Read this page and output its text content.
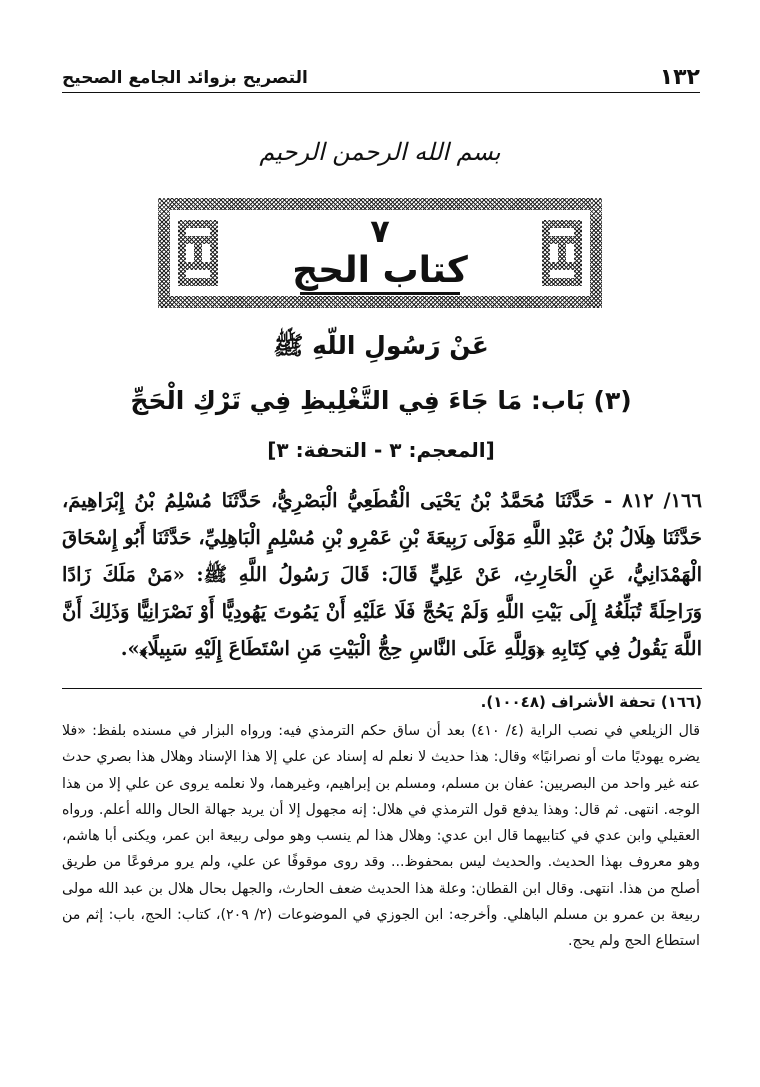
١٣٢
التصريح بزوائد الجامع الصحيح
بسم الله الرحمن الرحيم
٧
كتاب الحج
عَنْ رَسُولِ اللّهِ ﷺ
(٣) بَاب: مَا جَاءَ فِي التَّغْلِيظِ فِي تَرْكِ الْحَجِّ
[المعجم: ٣ - التحفة: ٣]
١٦٦/ ٨١٢ - حَدَّثَنَا مُحَمَّدُ بْنُ يَحْيَى الْقُطَعِيُّ الْبَصْرِيُّ، حَدَّثَنَا مُسْلِمُ بْنُ إِبْرَاهِيمَ، حَدَّثَنَا هِلَالُ بْنُ عَبْدِ اللَّهِ مَوْلَى رَبِيعَةَ بْنِ عَمْرِو بْنِ مُسْلِمٍ الْبَاهِلِيِّ، حَدَّثَنَا أَبُو إِسْحَاقَ الْهَمْدَانِيُّ، عَنِ الْحَارِثِ، عَنْ عَلِيٍّ قَالَ: قَالَ رَسُولُ اللَّهِ ﷺ: «مَنْ مَلَكَ زَادًا وَرَاحِلَةً تُبَلِّغُهُ إِلَى بَيْتِ اللَّهِ وَلَمْ يَحُجَّ فَلَا عَلَيْهِ أَنْ يَمُوتَ يَهُودِيًّا أَوْ نَصْرَانِيًّا وَذَلِكَ أَنَّ اللَّهَ يَقُولُ فِي كِتَابِهِ ﴿وَلِلَّهِ عَلَى النَّاسِ حِجُّ الْبَيْتِ مَنِ اسْتَطَاعَ إِلَيْهِ سَبِيلًا﴾».
(١٦٦) تحفة الأشراف (١٠٠٤٨).
قال الزيلعي في نصب الراية (٤/ ٤١٠) بعد أن ساق حكم الترمذي فيه: ورواه البزار في مسنده بلفظ: «فلا يضره يهوديًا مات أو نصرانيًا» وقال: هذا حديث لا نعلم له إسناد عن علي إلا هذا الإسناد وهلال هذا بصري حدث عنه غير واحد من البصريين: عفان بن مسلم، ومسلم بن إبراهيم، وغيرهما، ولا نعلمه يروى عن علي إلا من هذا الوجه. انتهى. ثم قال: وهذا يدفع قول الترمذي في هلال: إنه مجهول إلا أن يريد جهالة الحال والله أعلم. ورواه العقيلي وابن عدي في كتابيهما قال ابن عدي: وهلال هذا لم ينسب وهو مولى ربيعة ابن عمر، ويكنى أبا هاشم، وهو معروف بهذا الحديث. والحديث ليس بمحفوظ... وقد روى موقوفًا عن علي، ولم يرو مرفوعًا من طريق أصلح من هذا. انتهى. وقال ابن القطان: وعلة هذا الحديث ضعف الحارث، والجهل بحال هلال بن عبد الله مولى ربيعة بن عمرو بن مسلم الباهلي. وأخرجه: ابن الجوزي في الموضوعات (٢/ ٢٠٩)، كتاب: الحج، باب: إثم من استطاع الحج ولم يحج.
